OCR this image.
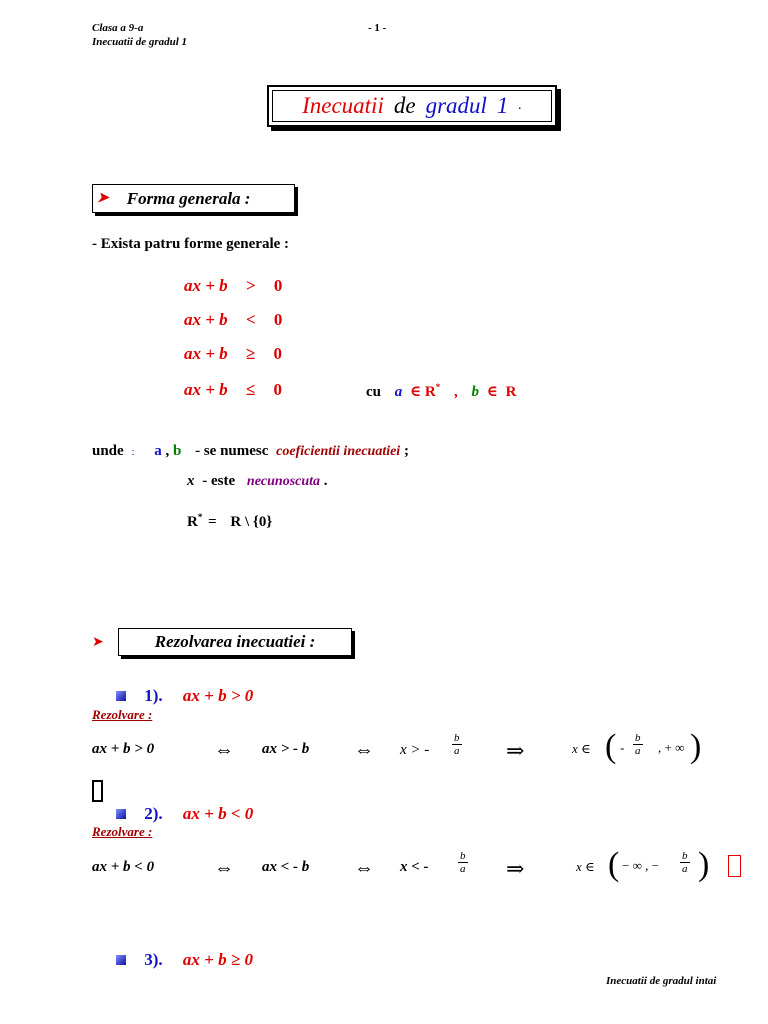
Clasa a 9-a
Inecuatii de gradul 1
- 1 -
Inecuatii de gradul 1 .
➤ Forma generala :
- Exista patru forme generale :
ax + b > 0
ax + b < 0
ax + b ≥ 0
ax + b ≤ 0	cu a ∈ R* , b ∈ R
unde : a , b - se numesc coeficientii inecuatiei ;
x - este necunoscuta .
R* = R \ {0}
➤	Rezolvarea inecuatiei :
1). ax + b > 0
Rezolvare :
ax + b > 0	⇔ ax > - b ⇔ x > - $\frac{b}{a}$ ⇒	x ∈ ( - $\frac{b}{a}$ , + ∞ )
2). ax + b < 0
Rezolvare :
ax + b < 0	⇔ ax < - b ⇔ x < -	$\frac{b}{a}$ ⇒	x ∈ ( − ∞ , − $\frac{b}{a}$ )
3). ax + b ≥ 0
Inecuatii de gradul intai
